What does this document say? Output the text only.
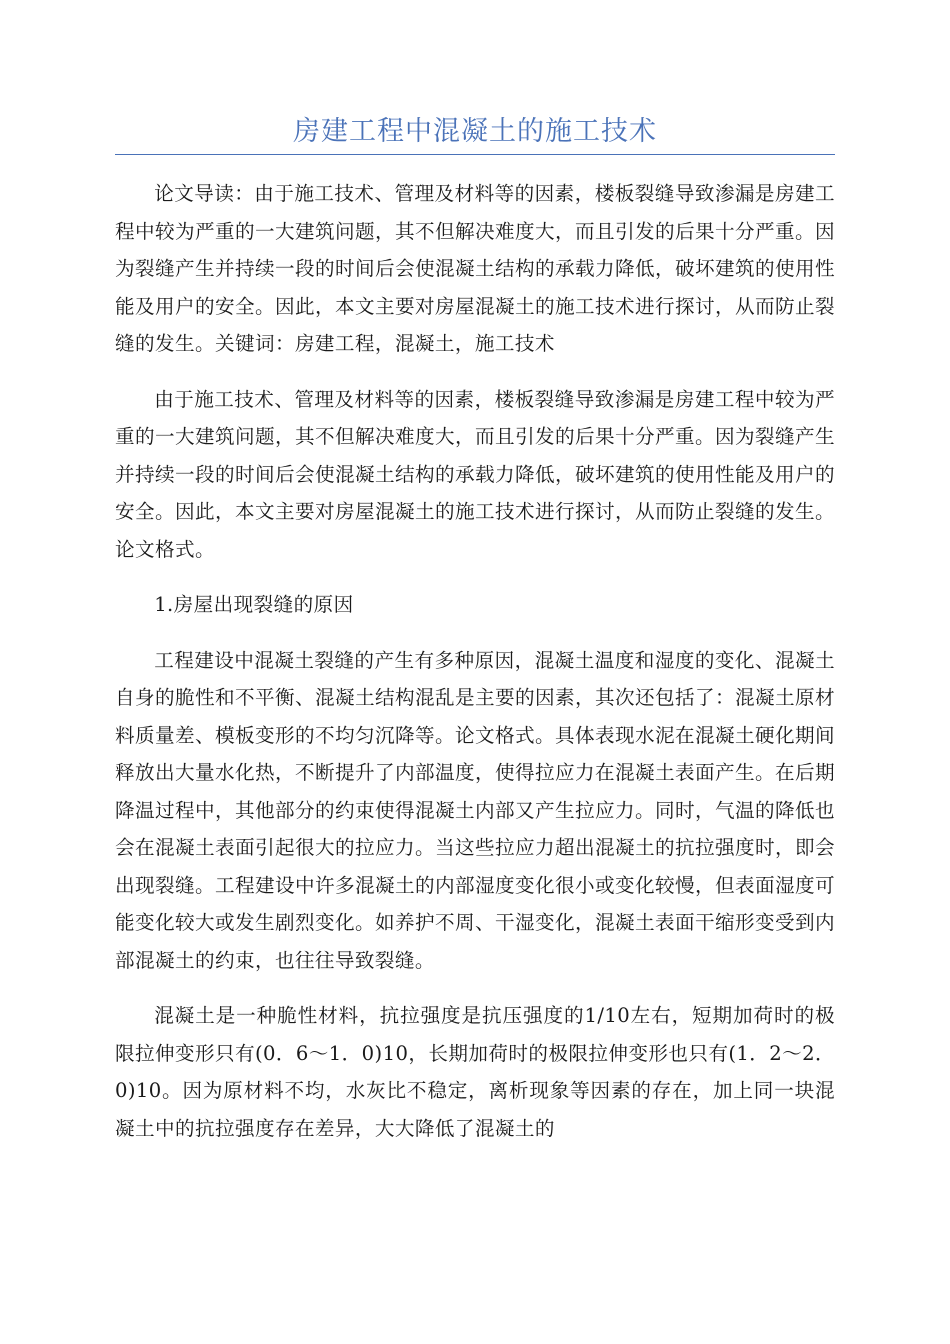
房建工程中混凝土的施工技术

论文导读：由于施工技术、管理及材料等的因素，楼板裂缝导致渗漏是房建工程中较为严重的一大建筑问题，其不但解决难度大，而且引发的后果十分严重。因为裂缝产生并持续一段的时间后会使混凝土结构的承载力降低，破坏建筑的使用性能及用户的安全。因此，本文主要对房屋混凝土的施工技术进行探讨，从而防止裂缝的发生。关键词：房建工程，混凝土，施工技术

由于施工技术、管理及材料等的因素，楼板裂缝导致渗漏是房建工程中较为严重的一大建筑问题，其不但解决难度大，而且引发的后果十分严重。因为裂缝产生并持续一段的时间后会使混凝土结构的承载力降低，破坏建筑的使用性能及用户的安全。因此，本文主要对房屋混凝土的施工技术进行探讨，从而防止裂缝的发生。论文格式。

1.房屋出现裂缝的原因

工程建设中混凝土裂缝的产生有多种原因，混凝土温度和湿度的变化、混凝土自身的脆性和不平衡、混凝土结构混乱是主要的因素，其次还包括了：混凝土原材料质量差、模板变形的不均匀沉降等。论文格式。具体表现水泥在混凝土硬化期间释放出大量水化热，不断提升了内部温度，使得拉应力在混凝土表面产生。在后期降温过程中，其他部分的约束使得混凝土内部又产生拉应力。同时，气温的降低也会在混凝土表面引起很大的拉应力。当这些拉应力超出混凝土的抗拉强度时，即会出现裂缝。工程建设中许多混凝土的内部湿度变化很小或变化较慢，但表面湿度可能变化较大或发生剧烈变化。如养护不周、干湿变化，混凝土表面干缩形变受到内部混凝土的约束，也往往导致裂缝。

混凝土是一种脆性材料，抗拉强度是抗压强度的1/10左右，短期加荷时的极限拉伸变形只有(0．6～1．0)10，长期加荷时的极限拉伸变形也只有(1．2～2．0)10。因为原材料不均，水灰比不稳定，离析现象等因素的存在，加上同一块混凝土中的抗拉强度存在差异，大大降低了混凝土的
